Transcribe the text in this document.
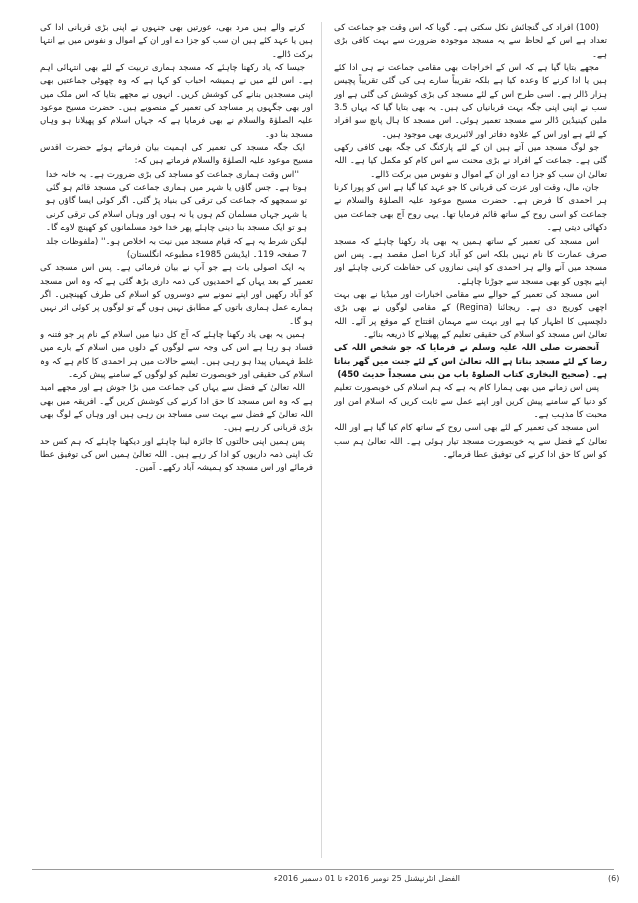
(100) افراد کی گنجائش نکل سکتی ہے۔ گویا کہ اس وقت جو جماعت کی تعداد ہے اس کے لحاظ سے یہ مسجد موجودہ ضرورت سے بہت کافی بڑی ہے۔

مجھے بتایا گیا ہے کہ اس کے اخراجات بھی مقامی جماعت نے ہی ادا کئے ہیں یا ادا کرنے کا وعدہ کیا ہے بلکہ تقریباً سارے ہی کی گئی تقریباً پچیس ہزار ڈالر ہے۔ اسی طرح اس کے لئے مسجد کی بڑی کوشش کی گئی ہے اور سب نے اپنی اپنی جگہ بہت قربانیاں کی ہیں۔ یہ بھی بتایا گیا کہ یہاں 3.5 ملین کینیڈین ڈالر سے مسجد تعمیر ہوئی۔ اس مسجد کا ہال پانچ سو افراد کے لئے ہے اور اس کے علاوہ دفاتر اور لائبریری بھی موجود ہیں۔

جو لوگ مسجد میں آتے ہیں ان کے لئے پارکنگ کی جگہ بھی کافی رکھی گئی ہے۔ جماعت کے افراد نے بڑی محنت سے اس کام کو مکمل کیا ہے۔ اللہ تعالیٰ ان سب کو جزا دے اور ان کے اموال و نفوس میں برکت ڈالے۔

جان، مال، وقت اور عزت کی قربانی کا جو عہد کیا گیا ہے اس کو پورا کرنا ہر احمدی کا فرض ہے۔ حضرت مسیح موعود علیہ الصلوٰۃ والسلام نے جماعت کو اسی روح کے ساتھ قائم فرمایا تھا۔ یہی روح آج بھی جماعت میں دکھائی دیتی ہے۔

اس مسجد کی تعمیر کے ساتھ ہمیں یہ بھی یاد رکھنا چاہئے کہ مسجد صرف عمارت کا نام نہیں بلکہ اس کو آباد کرنا اصل مقصد ہے۔ پس اس مسجد میں آنے والے ہر احمدی کو اپنی نمازوں کی حفاظت کرنی چاہئے اور اپنے بچوں کو بھی مسجد سے جوڑنا چاہئے۔

اس مسجد کی تعمیر کے حوالے سے مقامی اخبارات اور میڈیا نے بھی بہت اچھی کوریج دی ہے۔ ریجائنا (Regina) کے مقامی لوگوں نے بھی بڑی دلچسپی کا اظہار کیا ہے اور بہت سے مہمان افتتاح کے موقع پر آئے۔ اللہ تعالیٰ اس مسجد کو اسلام کی حقیقی تعلیم کے پھیلانے کا ذریعہ بنائے۔

آنحضرت صلی اللہ علیہ وسلم نے فرمایا کہ جو شخص اللہ کی رضا کے لئے مسجد بناتا ہے اللہ تعالیٰ اس کے لئے جنت میں گھر بناتا ہے۔ (صحیح البخاری کتاب الصلوۃ باب من بنی مسجداً حدیث 450)

پس اس زمانے میں بھی ہمارا کام یہ ہے کہ ہم اسلام کی خوبصورت تعلیم کو دنیا کے سامنے پیش کریں اور اپنے عمل سے ثابت کریں کہ اسلام امن اور محبت کا مذہب ہے۔

اس مسجد کی تعمیر کے لئے بھی اسی روح کے ساتھ کام کیا گیا ہے اور اللہ تعالیٰ کے فضل سے یہ خوبصورت مسجد تیار ہوئی ہے۔ اللہ تعالیٰ ہم سب کو اس کا حق ادا کرنے کی توفیق عطا فرمائے۔

کرنے والے ہیں مرد بھی، عورتیں بھی جنہوں نے اپنی بڑی قربانی ادا کی ہیں یا عہد کئے ہیں ان سب کو جزا دے اور ان کے اموال و نفوس میں بے انتہا برکت ڈالے۔

جیسا کہ یاد رکھنا چاہئے کہ مسجد ہماری تربیت کے لئے بھی انتہائی اہم ہے۔ اس لئے میں نے ہمیشہ احباب کو کہا ہے کہ وہ چھوٹی جماعتیں بھی اپنی مسجدیں بنانے کی کوشش کریں۔ انہوں نے مجھے بتایا کہ اس ملک میں اور بھی جگہوں پر مساجد کی تعمیر کے منصوبے ہیں۔ حضرت مسیح موعود علیہ الصلوٰۃ والسلام نے بھی فرمایا ہے کہ جہاں اسلام کو پھیلانا ہو وہاں مسجد بنا دو۔

ایک جگہ مسجد کی تعمیر کی اہمیت بیان فرماتے ہوئے حضرت اقدس مسیح موعود علیہ الصلوٰۃ والسلام فرماتے ہیں کہ:

''اس وقت ہماری جماعت کو مساجد کی بڑی ضرورت ہے۔ یہ خانہ خدا ہوتا ہے۔ جس گاؤں یا شہر میں ہماری جماعت کی مسجد قائم ہو گئی تو سمجھو کہ جماعت کی ترقی کی بنیاد پڑ گئی۔ اگر کوئی ایسا گاؤں ہو یا شہر جہاں مسلمان کم ہوں یا نہ ہوں اور وہاں اسلام کی ترقی کرنی ہو تو ایک مسجد بنا دینی چاہئے پھر خدا خود مسلمانوں کو کھینچ لاوے گا۔ لیکن شرط یہ ہے کہ قیام مسجد میں نیت بہ اخلاص ہو۔'' (ملفوظات جلد 7 صفحہ 119۔ ایڈیشن 1985ء مطبوعہ انگلستان)

یہ ایک اصولی بات ہے جو آپ نے بیان فرمائی ہے۔ پس اس مسجد کی تعمیر کے بعد یہاں کے احمدیوں کی ذمہ داری بڑھ گئی ہے کہ وہ اس مسجد کو آباد رکھیں اور اپنے نمونے سے دوسروں کو اسلام کی طرف کھینچیں۔ اگر ہمارے عمل ہماری باتوں کے مطابق نہیں ہوں گے تو لوگوں پر کوئی اثر نہیں ہو گا۔

ہمیں یہ بھی یاد رکھنا چاہئے کہ آج کل دنیا میں اسلام کے نام پر جو فتنہ و فساد ہو رہا ہے اس کی وجہ سے لوگوں کے دلوں میں اسلام کے بارے میں غلط فہمیاں پیدا ہو رہی ہیں۔ ایسے حالات میں ہر احمدی کا کام ہے کہ وہ اسلام کی حقیقی اور خوبصورت تعلیم کو لوگوں کے سامنے پیش کرے۔

اللہ تعالیٰ کے فضل سے یہاں کی جماعت میں بڑا جوش ہے اور مجھے امید ہے کہ وہ اس مسجد کا حق ادا کرنے کی کوشش کریں گے۔ افریقہ میں بھی اللہ تعالیٰ کے فضل سے بہت سی مساجد بن رہی ہیں اور وہاں کے لوگ بھی بڑی قربانی کر رہے ہیں۔

پس ہمیں اپنی حالتوں کا جائزہ لینا چاہئے اور دیکھنا چاہئے کہ ہم کس حد تک اپنی ذمہ داریوں کو ادا کر رہے ہیں۔ اللہ تعالیٰ ہمیں اس کی توفیق عطا فرمائے اور اس مسجد کو ہمیشہ آباد رکھے۔ آمین۔

الفضل انٹرنیشنل 25 نومبر 2016ء تا 01 دسمبر 2016ء	(6)
